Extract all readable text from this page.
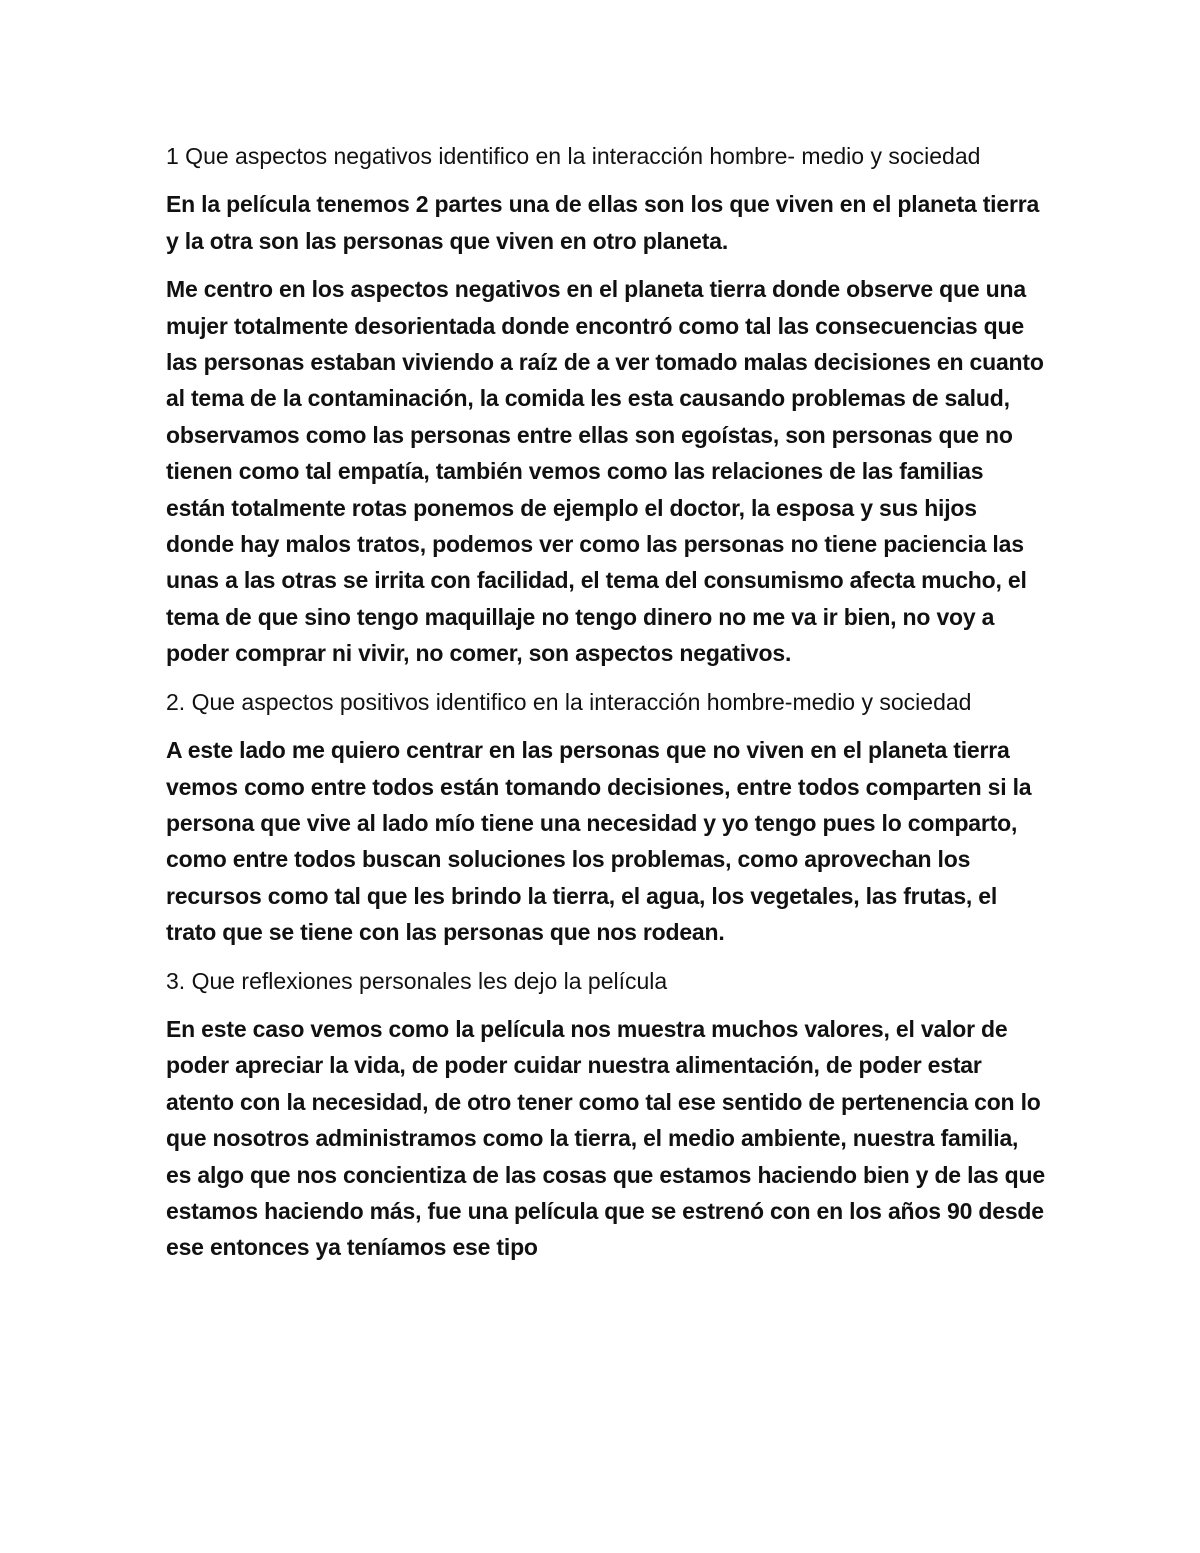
1 Que aspectos negativos identifico en la interacción hombre- medio y sociedad

En la película tenemos 2 partes una de ellas son los que viven en el planeta tierra y la otra son las personas que viven en otro planeta.

Me centro en los aspectos negativos en el planeta tierra donde observe que una mujer totalmente desorientada donde encontró como tal las consecuencias que las personas estaban viviendo a raíz de a ver tomado malas decisiones en cuanto al tema de la contaminación, la comida les esta causando problemas de salud, observamos como las personas entre ellas son egoístas, son personas que no tienen como tal empatía, también vemos como las relaciones de las familias están totalmente rotas ponemos de ejemplo el doctor, la esposa y sus hijos donde hay malos tratos, podemos ver como las personas no tiene paciencia las unas a las otras se irrita con facilidad, el tema del consumismo afecta mucho, el tema de que sino tengo maquillaje no tengo dinero no me va ir bien, no voy a poder comprar ni vivir, no comer, son aspectos negativos.

2. Que aspectos positivos identifico en la interacción hombre-medio y sociedad

A este lado me quiero centrar en las personas que no viven en el planeta tierra vemos como entre todos están tomando decisiones, entre todos comparten si la persona que vive al lado mío tiene una necesidad y yo tengo pues lo comparto, como entre todos buscan soluciones los problemas, como aprovechan los recursos como tal que les brindo la tierra, el agua, los vegetales, las frutas, el trato que se tiene con las personas que nos rodean.

3. Que reflexiones personales les dejo la película

En este caso vemos como la película nos muestra muchos valores, el valor de poder apreciar la vida, de poder cuidar nuestra alimentación, de poder estar atento con la necesidad, de otro tener como tal ese sentido de pertenencia con lo que nosotros administramos como la tierra, el medio ambiente, nuestra familia, es algo que nos concientiza de las cosas que estamos haciendo bien y de las que estamos haciendo más, fue una película que se estrenó con en los años 90 desde ese entonces ya teníamos ese tipo
